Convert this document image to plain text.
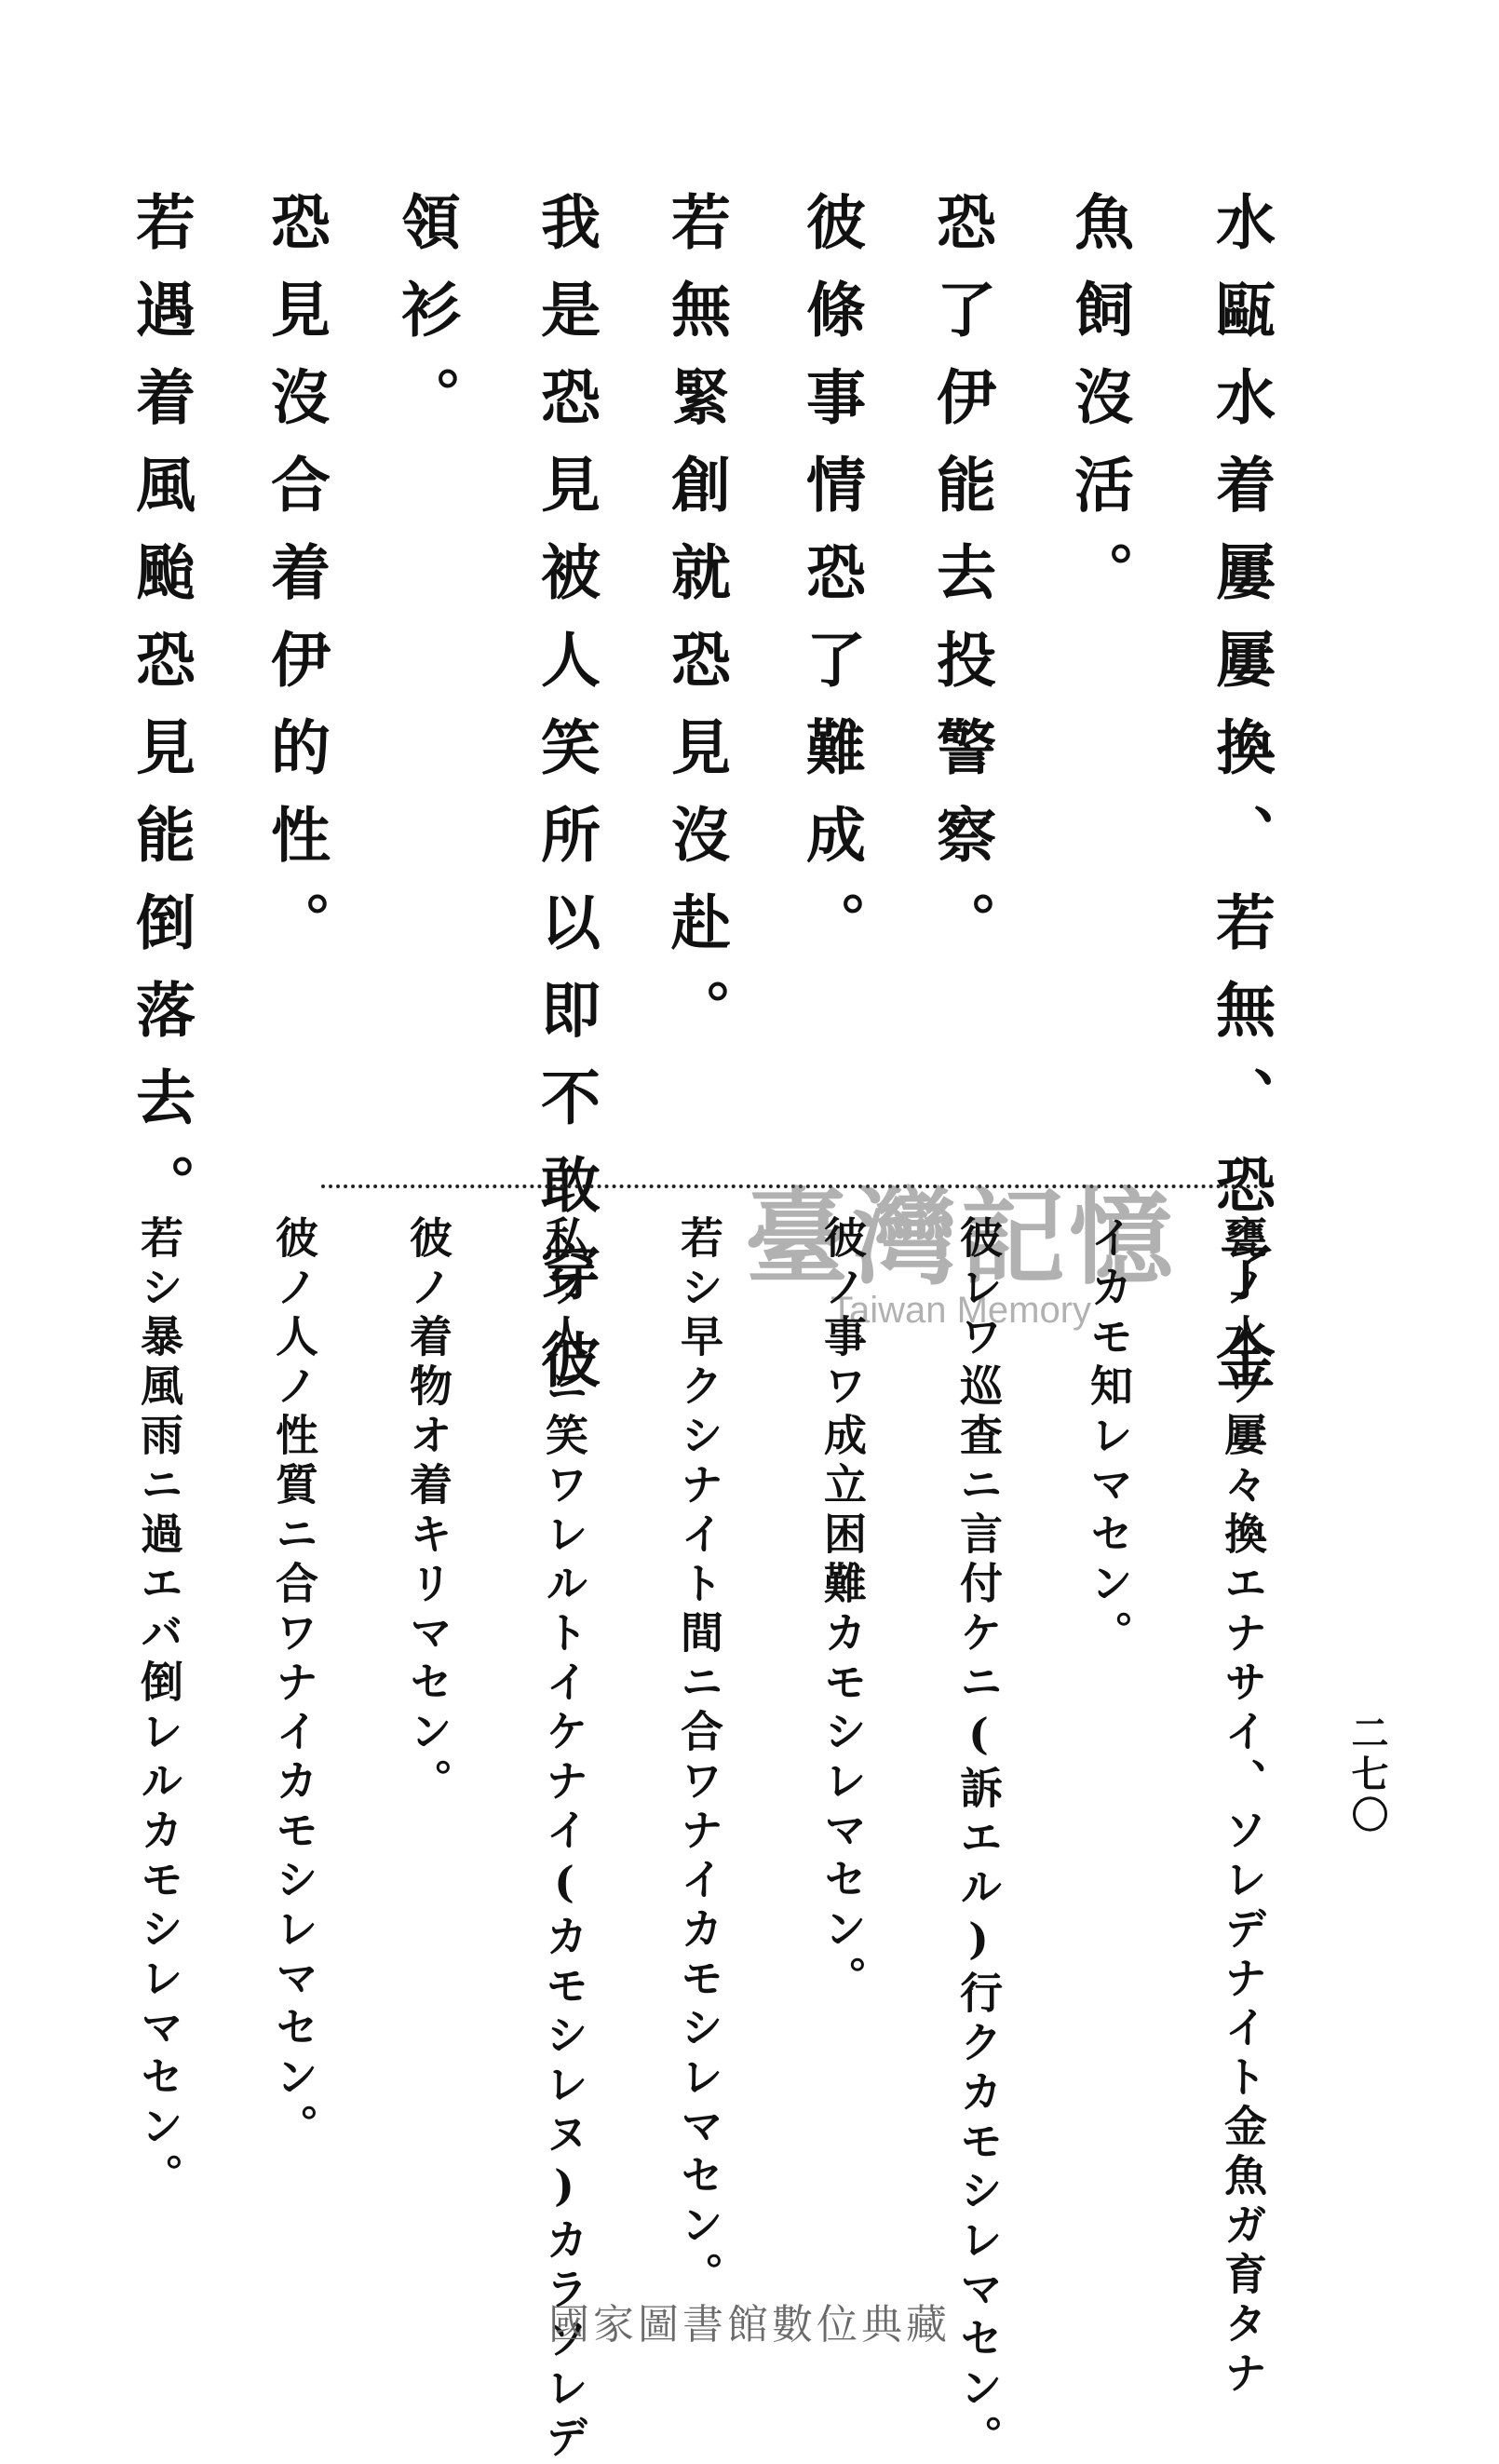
二七〇
水甌水着屢屢換、若無、恐了金
魚飼沒活。
恐了伊能去投警察。
彼條事情恐了難成。
若無緊創就恐見沒赴。
我是恐見被人笑所以即不敢穿彼
領衫。
恐見沒合着伊的性。
若遇着風颱恐見能倒落去。	臺灣記憶
Taiwan Memory	甕ノ水ワ屢々換エナサイ、ソレデナイト金魚ガ育タナ
イカモ知レマセン。
彼レワ巡査ニ言付ケニ(訴エル)行クカモシレマセン。
彼ノ事ワ成立困難カモシレマセン。
若シ早クシナイト間ニ合ワナイカモシレマセン。
私ワ人ニ笑ワレルトイケナイ(カモシレヌ)カラソレデ
彼ノ着物オ着キリマセン。
彼ノ人ノ性質ニ合ワナイカモシレマセン。
若シ暴風雨ニ過エバ倒レルカモシレマセン。
國家圖書館數位典藏
